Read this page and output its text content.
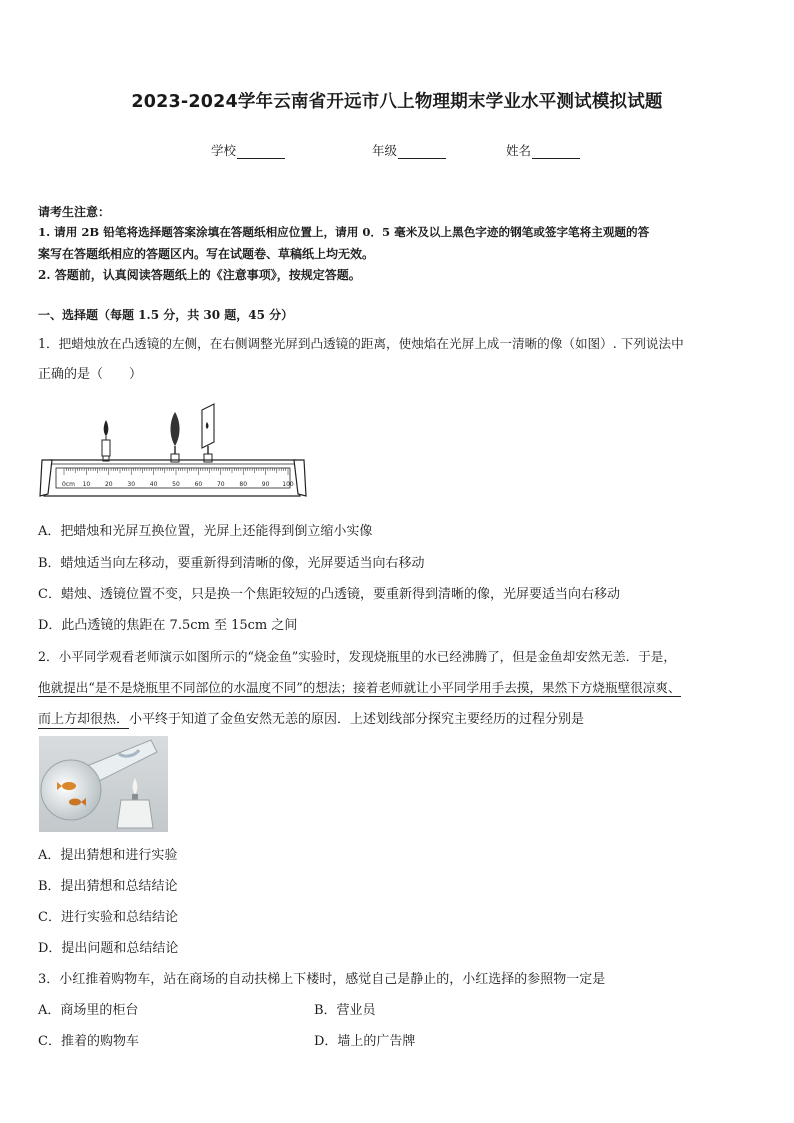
2023-2024学年云南省开远市八上物理期末学业水平测试模拟试题
学校	年级	姓名
请考生注意：
1. 请用 2B 铅笔将选择题答案涂填在答题纸相应位置上，请用 0．5 毫米及以上黑色字迹的钢笔或签字笔将主观题的答
案写在答题纸相应的答题区内。写在试题卷、草稿纸上均无效。
2. 答题前，认真阅读答题纸上的《注意事项》，按规定答题。
一、选择题（每题 1.5 分，共 30 题，45 分）
1．把蜡烛放在凸透镜的左侧，在右侧调整光屏到凸透镜的距离，使烛焰在光屏上成一清晰的像（如图）. 下列说法中
正确的是（　　）
0cm 10 20 30 40 50 60 70 80 90 100
A．把蜡烛和光屏互换位置，光屏上还能得到倒立缩小实像
B．蜡烛适当向左移动，要重新得到清晰的像，光屏要适当向右移动
C．蜡烛、透镜位置不变，只是换一个焦距较短的凸透镜，要重新得到清晰的像，光屏要适当向右移动
D．此凸透镜的焦距在 7.5cm 至 15cm 之间
2．小平同学观看老师演示如图所示的“烧金鱼”实验时，发现烧瓶里的水已经沸腾了，但是金鱼却安然无恙．于是，
他就提出“是不是烧瓶里不同部位的水温度不同”的想法；接着老师就让小平同学用手去摸，果然下方烧瓶壁很凉爽、
而上方却很热．小平终于知道了金鱼安然无恙的原因．上述划线部分探究主要经历的过程分别是
A．提出猜想和进行实验
B．提出猜想和总结结论
C．进行实验和总结结论
D．提出问题和总结结论
3．小红推着购物车，站在商场的自动扶梯上下楼时，感觉自己是静止的，小红选择的参照物一定是
A．商场里的柜台	B．营业员
C．推着的购物车	D．墙上的广告牌
